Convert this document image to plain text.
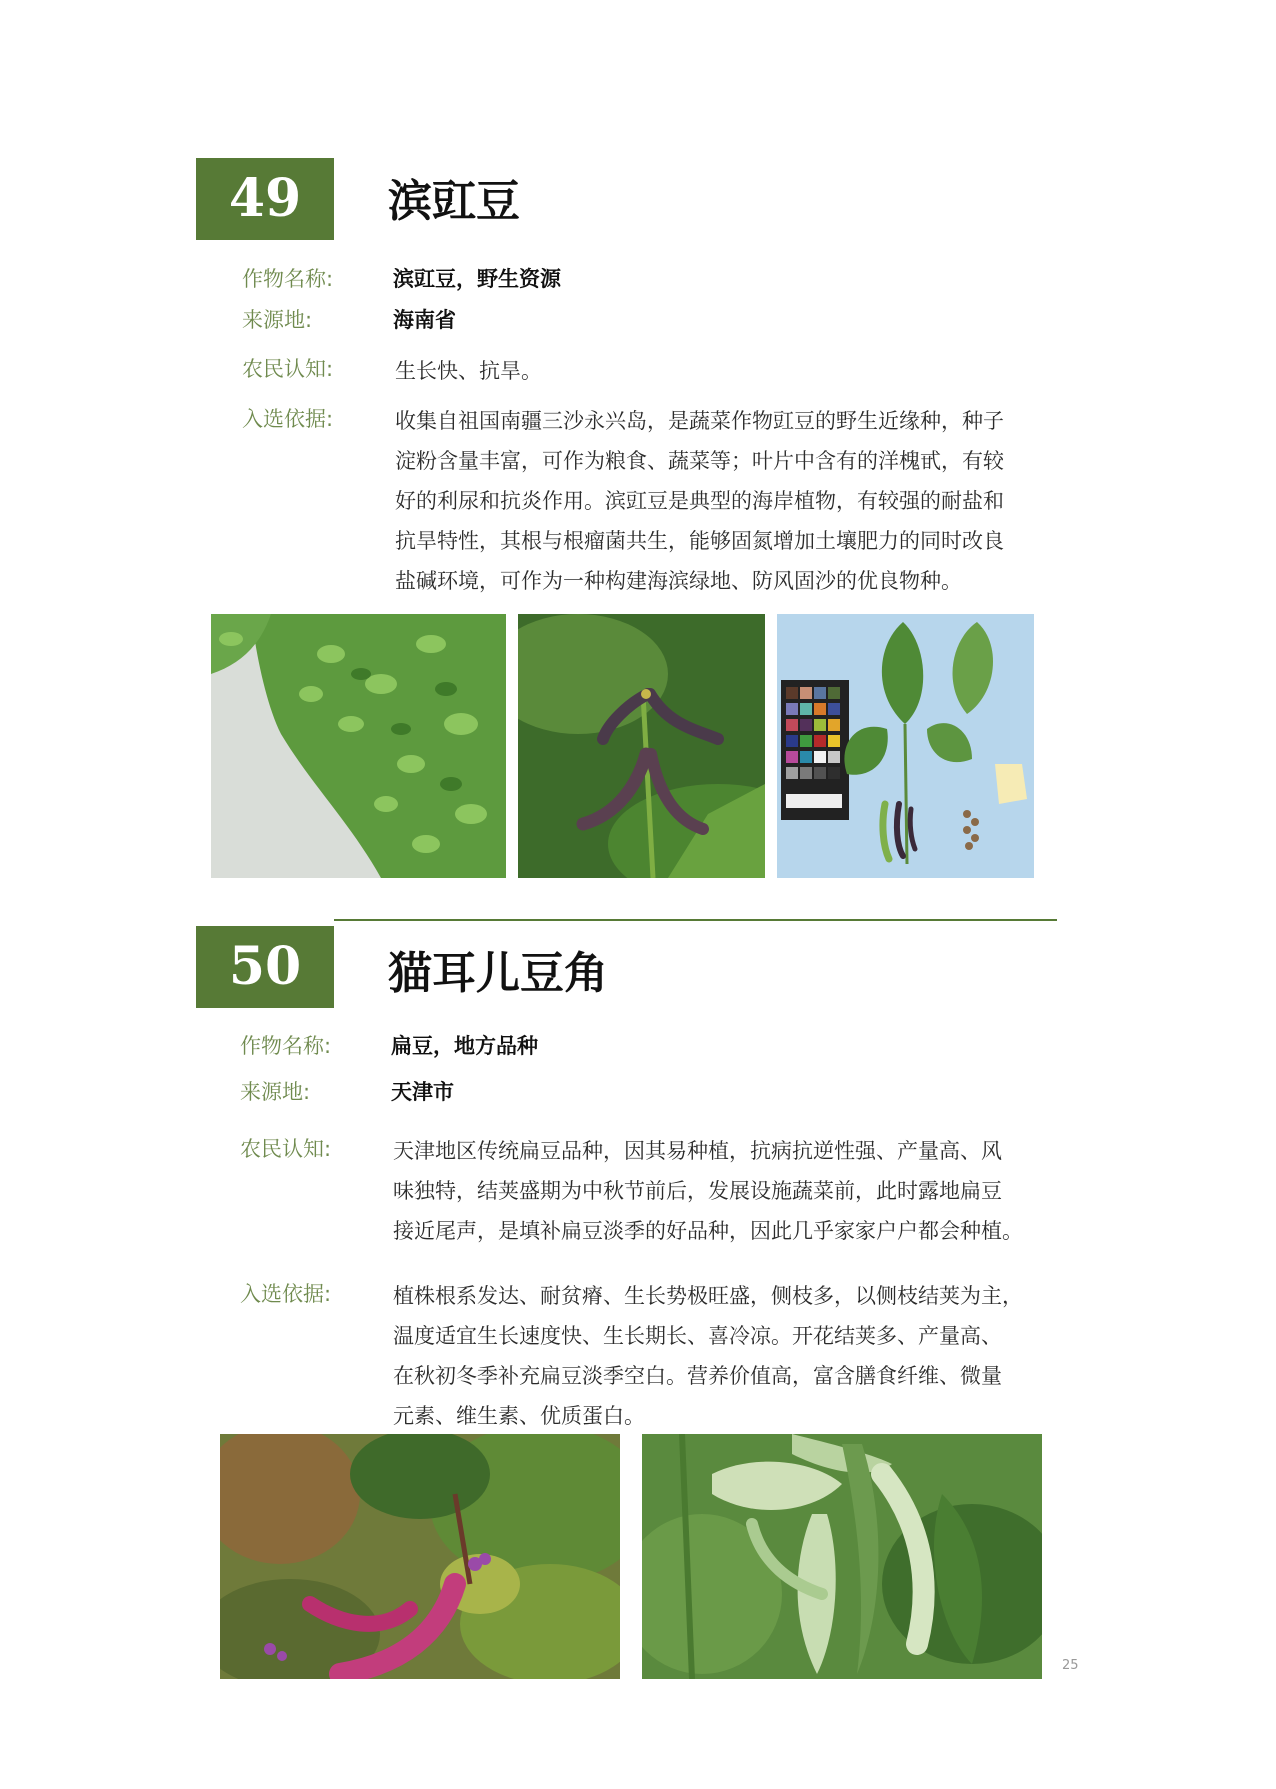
49	滨豇豆
作物名称:	滨豇豆，野生资源
来源地:	海南省
农民认知:	生长快、抗旱。
入选依据:	收集自祖国南疆三沙永兴岛，是蔬菜作物豇豆的野生近缘种，种子
淀粉含量丰富，可作为粮食、蔬菜等；叶片中含有的洋槐甙，有较
好的利尿和抗炎作用。滨豇豆是典型的海岸植物，有较强的耐盐和
抗旱特性，其根与根瘤菌共生，能够固氮增加土壤肥力的同时改良
盐碱环境，可作为一种构建海滨绿地、防风固沙的优良物种。
50	猫耳儿豆角
作物名称:	扁豆，地方品种
来源地:	天津市
农民认知:	天津地区传统扁豆品种，因其易种植，抗病抗逆性强、产量高、风
味独特，结荚盛期为中秋节前后，发展设施蔬菜前，此时露地扁豆
接近尾声，是填补扁豆淡季的好品种，因此几乎家家户户都会种植。
入选依据:	植株根系发达、耐贫瘠、生长势极旺盛，侧枝多，以侧枝结荚为主，
温度适宜生长速度快、生长期长、喜冷凉。开花结荚多、产量高、
在秋初冬季补充扁豆淡季空白。营养价值高，富含膳食纤维、微量
元素、维生素、优质蛋白。
25
